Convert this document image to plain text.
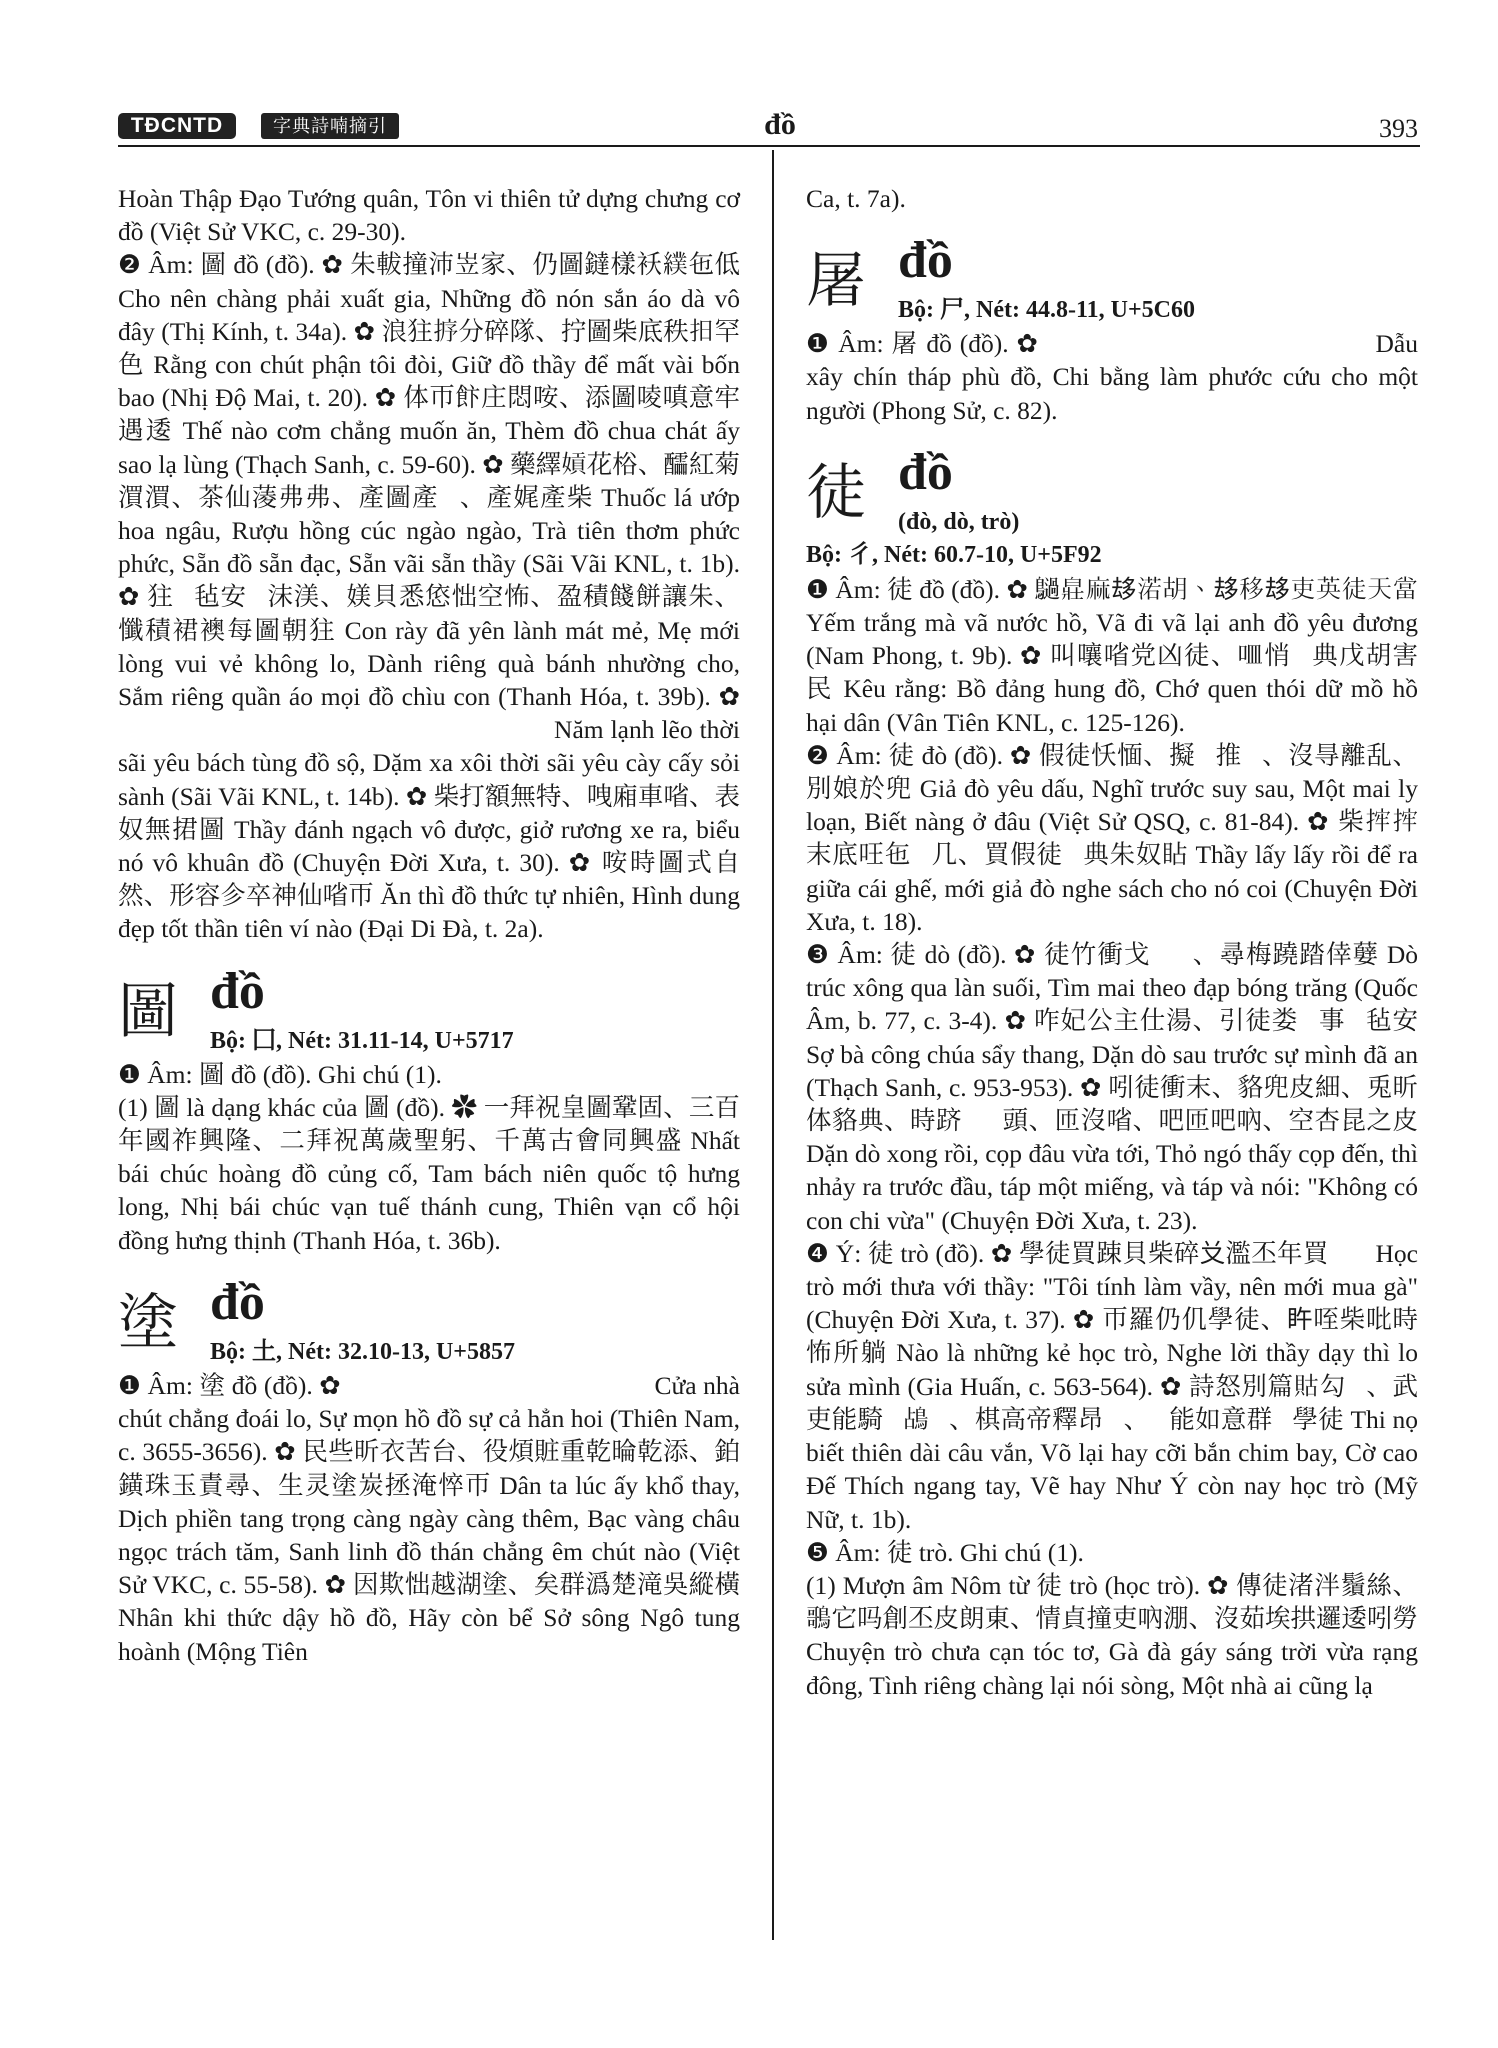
TĐCNTD	字典詩喃摘引	đồ	393

Hoàn Thập Đạo Tướng quân, Tôn vi thiên tử dựng chưng cơ đồ (Việt Sử VKC, c. 29-30).

❷ Âm: 圖 đồ (đồ). ✿ 朱軷撞沛岦家、仍圖鐽樣袄𦄾㐌低 Cho nên chàng phải xuất gia, Những đồ nón sắn áo dà vô đây (Thị Kính, t. 34a). ✿ 浪㹥𢭸分碎隊、拧圖柴底秩𢪏罕色 Rằng con chút phận tôi đòi, Giữ đồ thầy để mất vài bốn bao (Nhị Độ Mai, t. 20). ✿ 体帀飰庄悶咹、添圖㖫嗔意牢遇逶 Thế nào cơm chẳng muốn ăn, Thèm đồ chua chát ấy sao lạ lùng (Thạch Sanh, c. 59-60). ✿ 藥繹𡟫花㭲、醽紅菊㵋㵋、茶仙蓤弗弗、產圖產𡀮、產娓產柴 Thuốc lá ướp hoa ngâu, Rượu hồng cúc ngào ngào, Trà tiên thơm phức phức, Sẵn đồ sẵn đạc, Sẵn vãi sẵn thầy (Sãi Vãi KNL, t. 1b). ✿ 㹥𡬷毡安𢲨沫渼、媄貝悉㥋㤕空怖、盈積餞餅讓朱、懺積裙襖每圖朝㹥 Con rày đã yên lành mát mẻ, Mẹ mới lòng vui vẻ không lo, Dành riêng quà bánh nhường cho, Sắm riêng quần áo mọi đồ chìu con (Thanh Hóa, t. 39b). ✿ 𣴜冷汀時咍天栢松圖𢷾、淡賖吹時咍天耕𥞪𥕄硄 Năm lạnh lẽo thời sãi yêu bách tùng đồ sộ, Dặm xa xôi thời sãi yêu cày cấy sỏi sành (Sãi Vãi KNL, t. 14b). ✿ 柴打額無特、㖂廂車㗂、表奴無捃圖 Thầy đánh ngạch vô được, giở rương xe ra, biểu nó vô khuân đồ (Chuyện Đời Xưa, t. 30). ✿ 咹時圖式自然、形容㐱卒神仙㗂帀 Ăn thì đồ thức tự nhiên, Hình dung đẹp tốt thần tiên ví nào (Đại Di Đà, t. 2a).

圖 đồ
Bộ: 囗, Nét: 31.11-14, U+5717

❶ Âm: 圖 đồ (đồ). Ghi chú (1).

(1) 圖 là dạng khác của 圖 (đồ). ✿ 一拜祝皇圖鞏固、三百年國祚興隆、二拜祝萬歲聖躬、千萬古會同興盛 Nhất bái chúc hoàng đồ củng cố, Tam bách niên quốc tộ hưng long, Nhị bái chúc vạn tuế thánh cung, Thiên vạn cổ hội đồng hưng thịnh (Thanh Hóa, t. 36b).

塗 đồ
Bộ: 土, Nét: 32.10-13, U+5857

❶ Âm: 塗 đồ (đồ). ✿ 𨷯茹𢭸拯兑怖、事㴉湖塗事奇罕灰 Cửa nhà chút chẳng đoái lo, Sự mọn hồ đồ sự cả hẳn hoi (Thiên Nam, c. 3655-3656). ✿ 民些昕衣苦台、役煩賍重乾㫻乾添、鉑鐄珠玉責尋、生灵塗炭拯淹悴帀 Dân ta lúc ấy khổ thay, Dịch phiền tang trọng càng ngày càng thêm, Bạc vàng châu ngọc trách tăm, Sanh linh đồ thán chẳng êm chút nào (Việt Sử VKC, c. 55-58). ✿ 因欺㤕越湖塗、矣群潙楚滝吳縱橫 Nhân khi thức dậy hồ đồ, Hãy còn bể Sở sông Ngô tung hoành (Mộng Tiên

Ca, t. 7a).

屠 đồ
Bộ: 尸, Nét: 44.8-11, U+5C60

❶ Âm: 屠 đồ (đồ). ✿ 𥪝䃅𠃩塔浮屠、之朋夕福救朱𠬠得 Dẫu xây chín tháp phù đồ, Chi bằng làm phước cứu cho một người (Phong Sử, c. 82).

徒 đồ
(đò, dò, trò)
Bộ: 彳, Nét: 60.7-10, U+5F92

❶ Âm: 徒 đồ (đồ). ✿ 𪇍𤽸麻𠫾渃胡、𠫾移𠫾吏英徒天當 Yếm trắng mà vã nước hồ, Vã đi vã lại anh đồ yêu đương (Nam Phong, t. 9b). ✿ 叫嚷㗂党凶徒、𠰘悄𩈘典戊胡害民 Kêu rằng: Bồ đảng hung đồ, Chớ quen thói dữ mồ hồ hại dân (Vân Tiên KNL, c. 125-126).

❷ Âm: 徒 đò (đồ). ✿ 假徒㤇愐、擬𧹰推𢖵、沒㝵離乱、別娘於兜 Giả đò yêu dấu, Nghĩ trước suy sau, Một mai ly loạn, Biết nàng ở đâu (Việt Sử QSQ, c. 81-84). ✿ 柴𢭂𢭂末底㕵㐌𠀲几、買假徒𥄭典朱奴䀡 Thầy lấy lấy rồi để ra giữa cái ghế, mới giả đò nghe sách cho nó coi (Chuyện Đời Xưa, t. 18).

❸ Âm: 徒 dò (đồ). ✿ 徒竹衝戈𤀗𣵰、尋梅蹺踏倖㜸 Dò trúc xông qua làn suối, Tìm mai theo đạp bóng trăng (Quốc Âm, b. 77, c. 3-4). ✿ 咋妃公主仕湯、引徒娄𠸗事𨉟毡安 Sợ bà công chúa sẩy thang, Dặn dò sau trước sự mình đã an (Thạch Sanh, c. 953-953). ✿ 吲徒衝末、貉兜皮細、兎昕体貉典、時跻𠺲𠸗頭、匝沒㗂、吧匝吧吶、空杏昆之皮 Dặn dò xong rồi, cọp đâu vừa tới, Thỏ ngó thấy cọp đến, thì nhảy ra trước đầu, táp một miếng, và táp và nói: "Không có con chi vừa" (Chuyện Đời Xưa, t. 23).

❹ Ý: 徒 trò (đồ). ✿ 學徒買踈貝柴碎𠬠濫丕年買𧦕𪃿 Học trò mới thưa với thầy: "Tôi tính làm vầy, nên mới mua gà" (Chuyện Đời Xưa, t. 37). ✿ 帀羅仍仉學徒、𥄭咥柴吡時怖所躺 Nào là những kẻ học trò, Nghe lời thầy dạy thì lo sửa mình (Gia Huấn, c. 563-564). ✿ 詩怒別篇𧵑勾𩃳、武吏能騎𣑶𪀄𠾕、棋高帝釋昂𢬣、𦘧能如意群𠴍學徒 Thi nọ biết thiên dài câu vắn, Võ lại hay cỡi bắn chim bay, Cờ cao Đế Thích ngang tay, Vẽ hay Như Ý còn nay học trò (Mỹ Nữ, t. 1b).

❺ Âm: 徒 trò. Ghi chú (1).

(1) Mượn âm Nôm từ 徒 trò (học trò). ✿ 傳徒渚泮鬚絲、𪃿它吗創丕皮朗東、情貞撞吏吶淜、沒茹埃拱邏逶吲勞 Chuyện trò chưa cạn tóc tơ, Gà đà gáy sáng trời vừa rạng đông, Tình riêng chàng lại nói sòng, Một nhà ai cũng lạ
